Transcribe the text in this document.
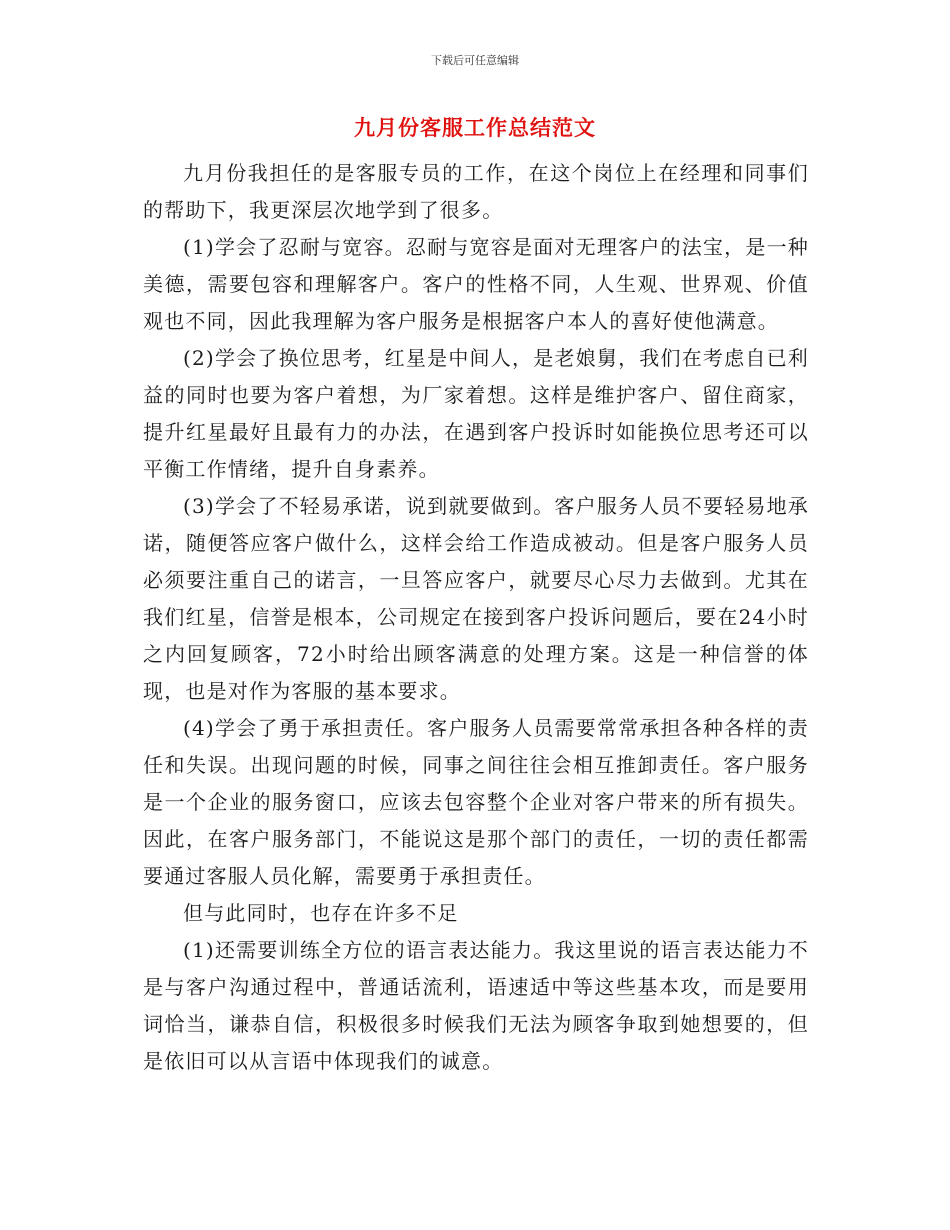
下载后可任意编辑
九月份客服工作总结范文

九月份我担任的是客服专员的工作，在这个岗位上在经理和同事们的帮助下，我更深层次地学到了很多。

(1)学会了忍耐与宽容。忍耐与宽容是面对无理客户的法宝，是一种美德，需要包容和理解客户。客户的性格不同，人生观、世界观、价值观也不同，因此我理解为客户服务是根据客户本人的喜好使他满意。

(2)学会了换位思考，红星是中间人，是老娘舅，我们在考虑自已利益的同时也要为客户着想，为厂家着想。这样是维护客户、留住商家，提升红星最好且最有力的办法，在遇到客户投诉时如能换位思考还可以平衡工作情绪，提升自身素养。

(3)学会了不轻易承诺，说到就要做到。客户服务人员不要轻易地承诺，随便答应客户做什么，这样会给工作造成被动。但是客户服务人员必须要注重自己的诺言，一旦答应客户，就要尽心尽力去做到。尤其在我们红星，信誉是根本，公司规定在接到客户投诉问题后，要在24小时之内回复顾客，72小时给出顾客满意的处理方案。这是一种信誉的体现，也是对作为客服的基本要求。

(4)学会了勇于承担责任。客户服务人员需要常常承担各种各样的责任和失误。出现问题的时候，同事之间往往会相互推卸责任。客户服务是一个企业的服务窗口，应该去包容整个企业对客户带来的所有损失。因此，在客户服务部门，不能说这是那个部门的责任，一切的责任都需要通过客服人员化解，需要勇于承担责任。

但与此同时，也存在许多不足

(1)还需要训练全方位的语言表达能力。我这里说的语言表达能力不是与客户沟通过程中，普通话流利，语速适中等这些基本攻，而是要用词恰当，谦恭自信，积极很多时候我们无法为顾客争取到她想要的，但是依旧可以从言语中体现我们的诚意。
